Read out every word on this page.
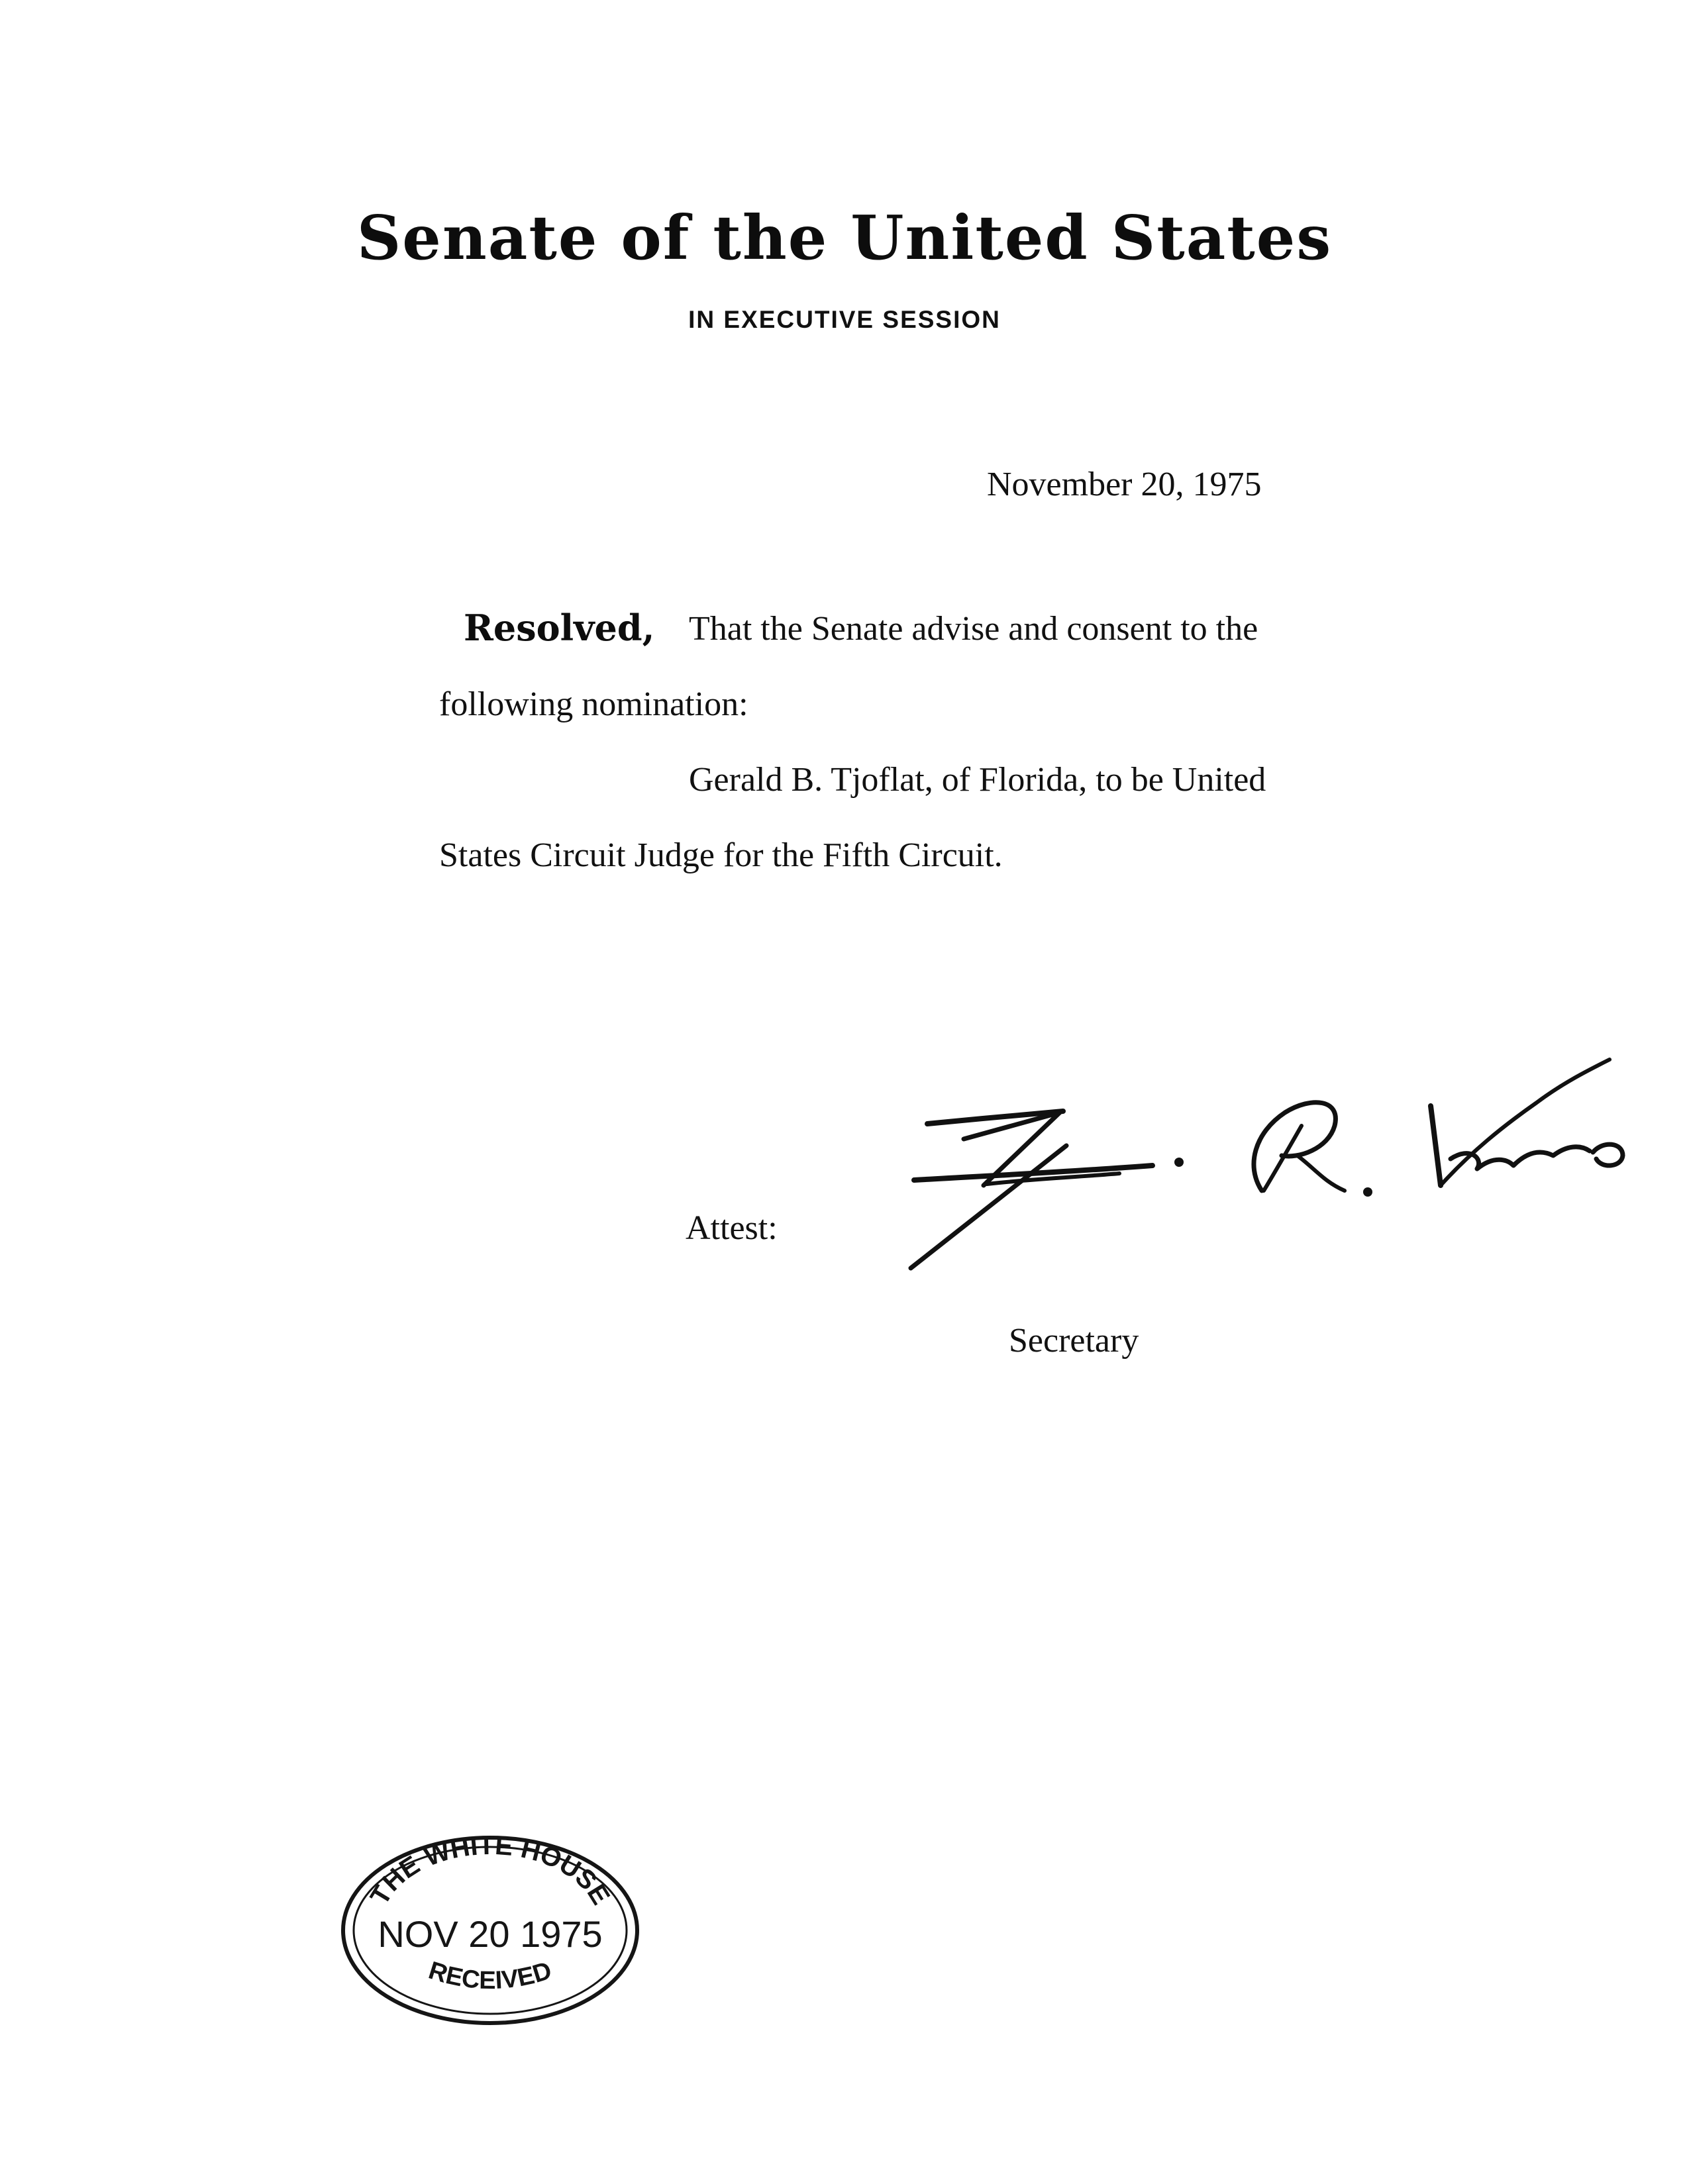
Senate of the United States
IN EXECUTIVE SESSION
November 20, 1975
Resolved, That the Senate advise and consent to the
following nomination:
Gerald B. Tjoflat, of Florida, to be United
States Circuit Judge for the Fifth Circuit.
Attest:
Secretary
THE WHITE HOUSE
NOV 20 1975
RECEIVED
